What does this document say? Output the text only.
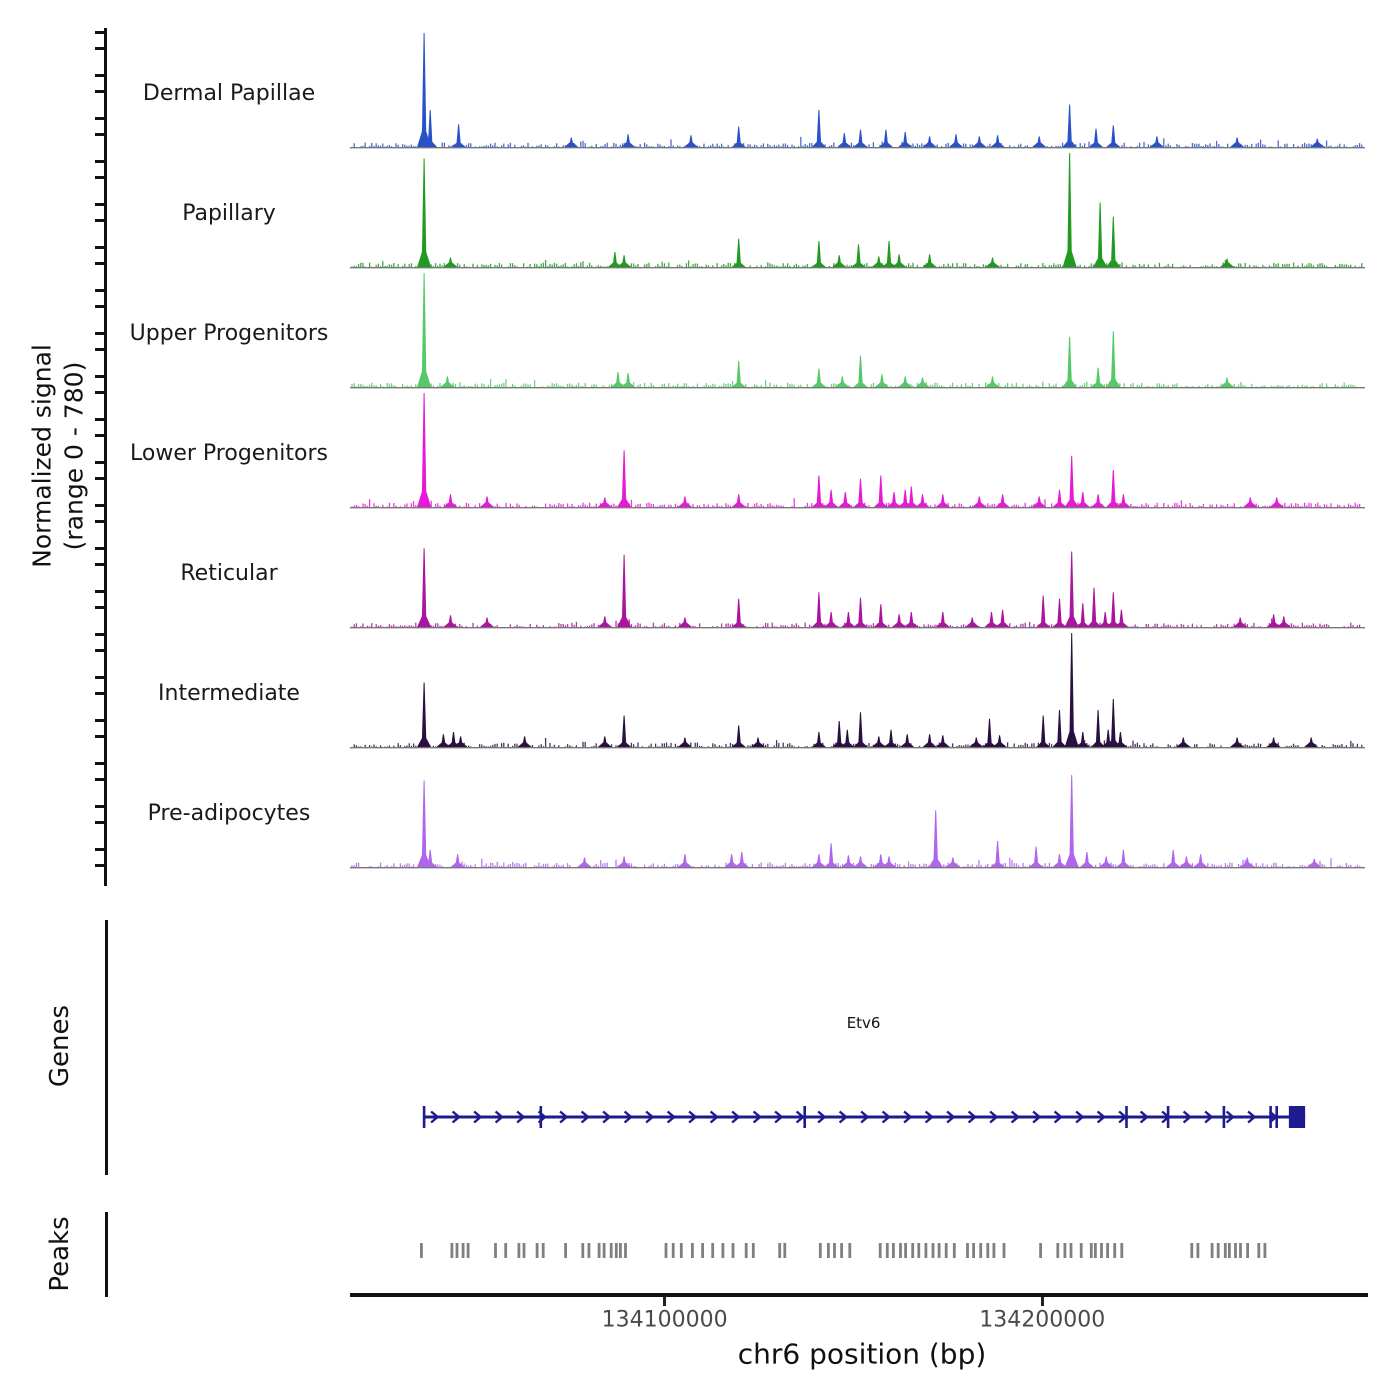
Normalized signal (range 0 - 780)
Dermal Papillae
Papillary
Upper Progenitors
Lower Progenitors
Reticular
Intermediate
Pre-adipocytes
Genes	Etv6
Peaks
134100000	134200000
chr6 position (bp)
